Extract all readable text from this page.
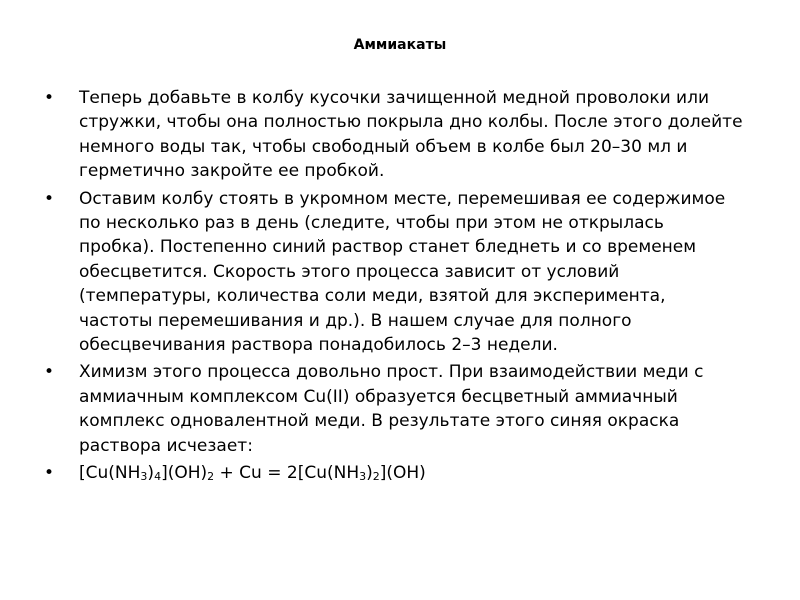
Аммиакаты
• Теперь добавьте в колбу кусочки зачищенной медной проволоки или стружки, чтобы она полностью покрыла дно колбы. После этого долейте немного воды так, чтобы свободный объем в колбе был 20–30 мл и герметично закройте ее пробкой.
• Оставим колбу стоять в укромном месте, перемешивая ее содержимое по несколько раз в день (следите, чтобы при этом не открылась пробка). Постепенно синий раствор станет бледнеть и со временем обесцветится. Скорость этого процесса зависит от условий (температуры, количества соли меди, взятой для эксперимента, частоты перемешивания и др.). В нашем случае для полного обесцвечивания раствора понадобилось 2–3 недели.
• Химизм этого процесса довольно прост. При взаимодействии меди с аммиачным комплексом Cu(II) образуется бесцветный аммиачный комплекс одновалентной меди. В результате этого синяя окраска раствора исчезает:
• $[Cu(NH_3)_4](OH)_2 + Cu = 2[Cu(NH_3)_2](OH)$
